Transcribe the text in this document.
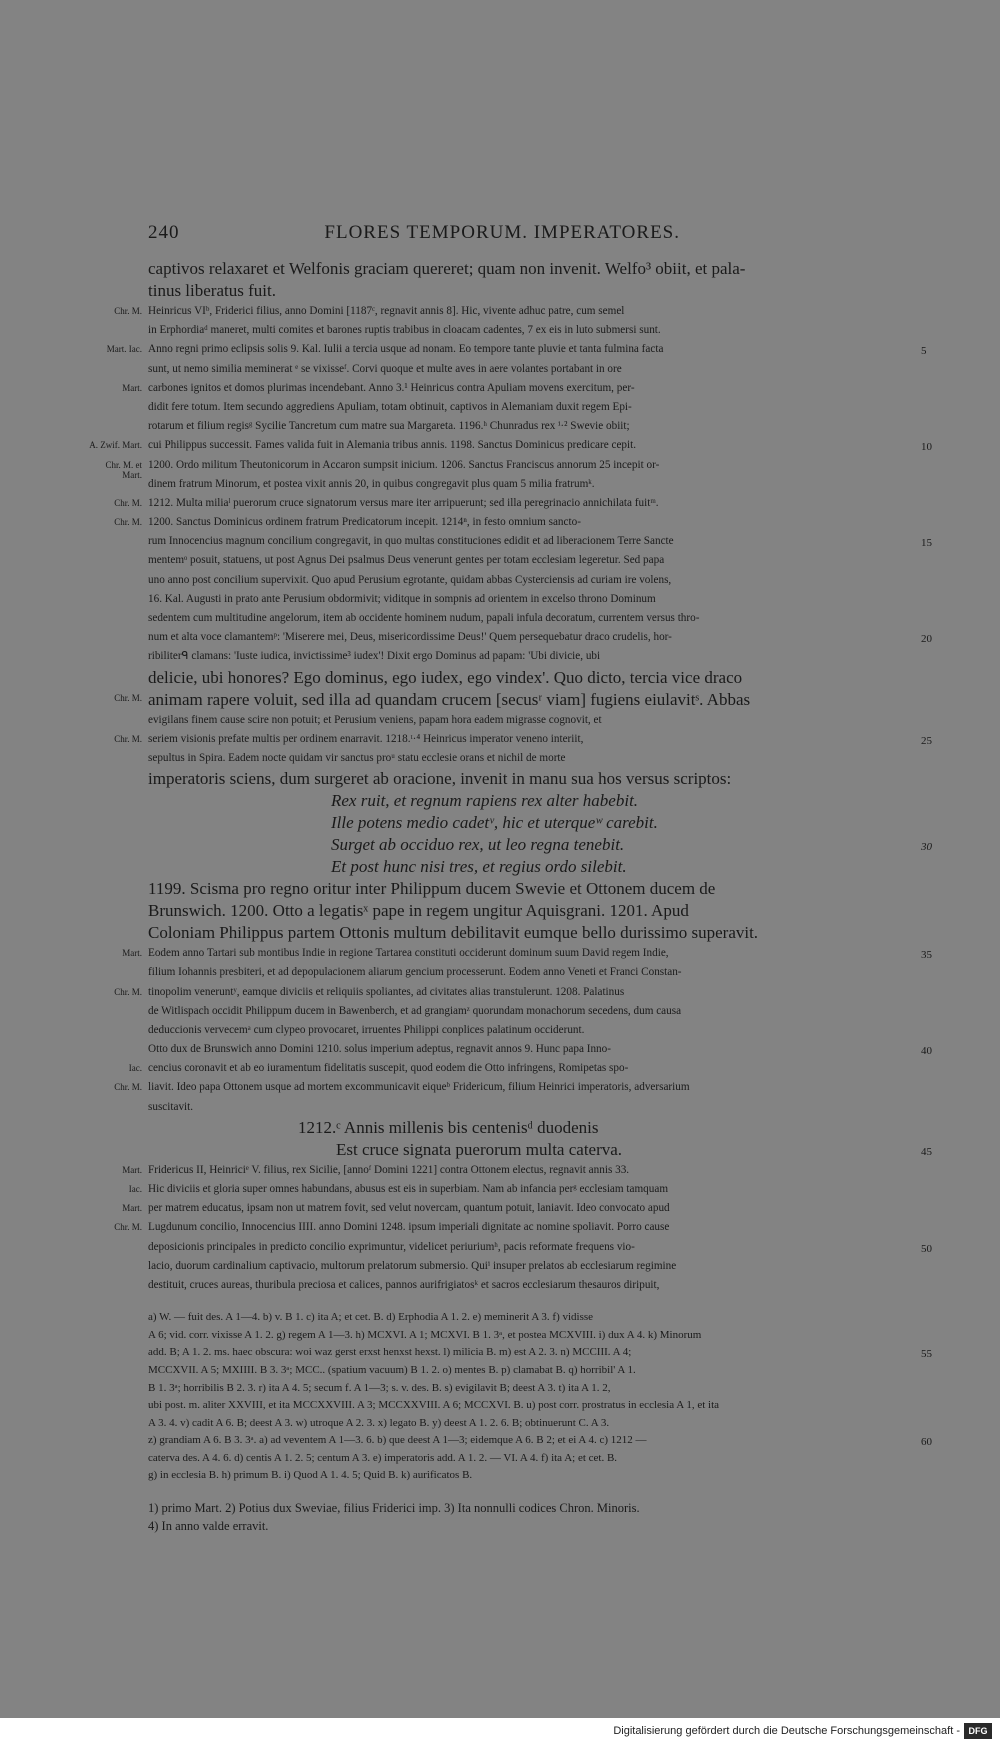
240	FLORES TEMPORUM. IMPERATORES.
captivos relaxaret et Welfonis graciam quereret; quam non invenit. Welfo³ obiit, et pala-
tinus liberatus fuit.
Heinricus VIᵇ, Friderici filius, anno Domini [1187ᶜ, regnavit annis 8]. Hic, vivente adhuc patre, cum semel
Chr. M.
in Erphordiaᵈ maneret, multi comites et barones ruptis trabibus in cloacam cadentes, 7 ex eis in luto submersi sunt.
Anno regni primo eclipsis solis 9. Kal. Iulii a tercia usque ad nonam. Eo tempore tante pluvie et tanta fulmina facta
Mart. Iac.	5
sunt, ut nemo similia meminerat ᵉ se vixisseᶠ. Corvi quoque et multe aves in aere volantes portabant in ore
carbones ignitos et domos plurimas incendebant. Anno 3.¹ Heinricus contra Apuliam movens exercitum, per-
Mart.
didit fere totum. Item secundo aggrediens Apuliam, totam obtinuit, captivos in Alemaniam duxit regem Epi-
rotarum et filium regisᵍ Sycilie Tancretum cum matre sua Margareta. 1196.ʰ Chunradus rex ⁱ·² Swevie obiit;
cui Philippus successit. Fames valida fuit in Alemania tribus annis. 1198. Sanctus Dominicus predicare cepit.
A. Zwif. Mart.	10
1200. Ordo militum Theutonicorum in Accaron sumpsit inicium. 1206. Sanctus Franciscus annorum 25 incepit or-
Chr. M. et Mart.
dinem fratrum Minorum, et postea vixit annis 20, in quibus congregavit plus quam 5 milia fratrumᵏ.
1212. Multa miliaˡ puerorum cruce signatorum versus mare iter arripuerunt; sed illa peregrinacio annichilata fuitᵐ.
Chr. M.
1200. Sanctus Dominicus ordinem fratrum Predicatorum incepit. 1214ⁿ, in festo omnium sancto-
Chr. M.
rum Innocencius magnum concilium congregavit, in quo multas constituciones edidit et ad liberacionem Terre Sancte	15
mentemᵒ posuit, statuens, ut post Agnus Dei psalmus Deus venerunt gentes per totam ecclesiam legeretur. Sed papa
uno anno post concilium supervixit. Quo apud Perusium egrotante, quidam abbas Cysterciensis ad curiam ire volens,
16. Kal. Augusti in prato ante Perusium obdormivit; viditque in sompnis ad orientem in excelso throno Dominum
sedentem cum multitudine angelorum, item ab occidente hominem nudum, papali infula decoratum, currentem versus thro-
num et alta voce clamantemᵖ: 'Miserere mei, Deus, misericordissime Deus!' Quem persequebatur draco crudelis, hor-	20
ribiliterᑫ clamans: 'Iuste iudica, invictissime³ iudex'! Dixit ergo Dominus ad papam: 'Ubi divicie, ubi
delicie, ubi honores? Ego dominus, ego iudex, ego vindex'. Quo dicto, tercia vice draco
animam rapere voluit, sed illa ad quandam crucem [secusʳ viam] fugiens eiulavitˢ. Abbas
Chr. M.
evigilans finem cause scire non potuit; et Perusium veniens, papam hora eadem migrasse cognovit, et
seriem visionis prefate multis per ordinem enarravit. 1218.ᵗ·⁴ Heinricus imperator veneno interiit,
Chr. M.	25
sepultus in Spira. Eadem nocte quidam vir sanctus proᵘ statu ecclesie orans et nichil de morte
imperatoris sciens, dum surgeret ab oracione, invenit in manu sua hos versus scriptos:
Rex ruit, et regnum rapiens rex alter habebit.
Ille potens medio cadetᵛ, hic et uterqueʷ carebit.
Surget ab occiduo rex, ut leo regna tenebit.	30
Et post hunc nisi tres, et regius ordo silebit.
1199. Scisma pro regno oritur inter Philippum ducem Swevie et Ottonem ducem de
Brunswich. 1200. Otto a legatisˣ pape in regem ungitur Aquisgrani. 1201. Apud
Coloniam Philippus partem Ottonis multum debilitavit eumque bello durissimo superavit.
Eodem anno Tartari sub montibus Indie in regione Tartarea constituti occiderunt dominum suum David regem Indie,
Mart.	35
filium Iohannis presbiteri, et ad depopulacionem aliarum gencium processerunt. Eodem anno Veneti et Franci Constan-
tinopolim veneruntʸ, eamque diviciis et reliquiis spoliantes, ad civitates alias transtulerunt. 1208. Palatinus
Chr. M.
de Witlispach occidit Philippum ducem in Bawenberch, et ad grangiamᶻ quorundam monachorum secedens, dum causa
deduccionis vervecemᵃ cum clypeo provocaret, irruentes Philippi conplices palatinum occiderunt.
Otto dux de Brunswich anno Domini 1210. solus imperium adeptus, regnavit annos 9. Hunc papa Inno-	40
cencius coronavit et ab eo iuramentum fidelitatis suscepit, quod eodem die Otto infringens, Romipetas spo-
Iac.
liavit. Ideo papa Ottonem usque ad mortem excommunicavit eiqueᵇ Fridericum, filium Heinrici imperatoris, adversarium
Chr. M.
suscitavit.
1212.ᶜ Annis millenis bis centenisᵈ duodenis
Est cruce signata puerorum multa caterva.	45
Fridericus II, Heinriciᵉ V. filius, rex Sicilie, [annoᶠ Domini 1221] contra Ottonem electus, regnavit annis 33.
Mart.
Hic diviciis et gloria super omnes habundans, abusus est eis in superbiam. Nam ab infancia perᵍ ecclesiam tamquam
Iac.
per matrem educatus, ipsam non ut matrem fovit, sed velut novercam, quantum potuit, laniavit. Ideo convocato apud
Mart.
Lugdunum concilio, Innocencius IIII. anno Domini 1248. ipsum imperiali dignitate ac nomine spoliavit. Porro cause
Chr. M.
deposicionis principales in predicto concilio exprimuntur, videlicet periuriumʰ, pacis reformate frequens vio-	50
lacio, duorum cardinalium captivacio, multorum prelatorum submersio. Quiⁱ insuper prelatos ab ecclesiarum regimine
destituit, cruces aureas, thuribula preciosa et calices, pannos aurifrigiatosᵏ et sacros ecclesiarum thesauros diripuit,
a) W. — fuit des. A 1—4. b) v. B 1. c) ita A; et cet. B. d) Erphodia A 1. 2. e) meminerit A 3. f) vidisse
A 6; vid. corr. vixisse A 1. 2. g) regem A 1—3. h) MCXVI. A 1; MCXVI. B 1. 3ᵃ, et postea MCXVIII. i) dux A 4. k) Minorum
add. B; A 1. 2. ms. haec obscura: woi waz gerst erxst henxst hexst. l) milicia B. m) est A 2. 3. n) MCCIII. A 4;	55
MCCXVII. A 5; MXIIII. B 3. 3ᵃ; MCC.. (spatium vacuum) B 1. 2. o) mentes B. p) clamabat B. q) horribil' A 1.
B 1. 3ᵃ; horribilis B 2. 3. r) ita A 4. 5; secum f. A 1—3; s. v. des. B. s) evigilavit B; deest A 3. t) ita A 1. 2,
ubi post. m. aliter XXVIII, et ita MCCXXVIII. A 3; MCCXXVIII. A 6; MCCXVI. B. u) post corr. prostratus in ecclesia A 1, et ita
A 3. 4. v) cadit A 6. B; deest A 3. w) utroque A 2. 3. x) legato B. y) deest A 1. 2. 6. B; obtinuerunt C. A 3.
z) grandiam A 6. B 3. 3ᵃ. a) ad veventem A 1—3. 6. b) que deest A 1—3; eidemque A 6. B 2; et ei A 4. c) 1212 —	60
caterva des. A 4. 6. d) centis A 1. 2. 5; centum A 3. e) imperatoris add. A 1. 2. — VI. A 4. f) ita A; et cet. B.
g) in ecclesia B. h) primum B. i) Quod A 1. 4. 5; Quid B. k) aurificatos B.
1) primo Mart. 2) Potius dux Sweviae, filius Friderici imp. 3) Ita nonnulli codices Chron. Minoris.
4) In anno valde erravit.
Digitalisierung gefördert durch die Deutsche Forschungsgemeinschaft - DFG
